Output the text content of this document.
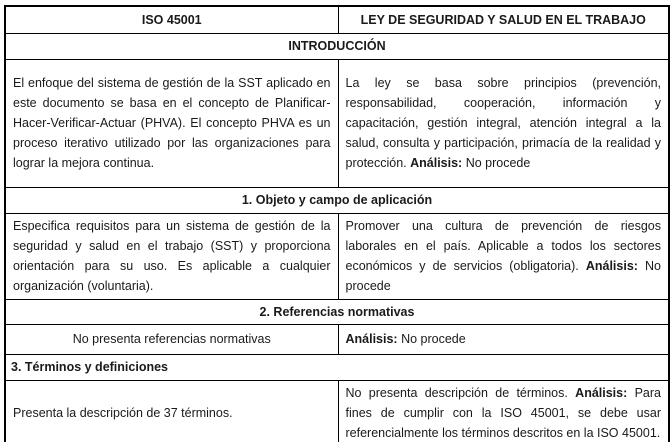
ISO 45001	LEY DE SEGURIDAD Y SALUD EN EL TRABAJO
INTRODUCCIÓN	
El enfoque del sistema de gestión de la SST aplicado en este documento se basa en el concepto de Planificar-Hacer-Verificar-Actuar (PHVA). El concepto PHVA es un proceso iterativo utilizado por las organizaciones para lograr la mejora continua.	La ley se basa sobre principios (prevención, responsabilidad, cooperación, información y capacitación, gestión integral, atención integral a la salud, consulta y participación, primacía de la realidad y protección. Análisis: No procede
1. Objeto y campo de aplicación	
Especifica requisitos para un sistema de gestión de la seguridad y salud en el trabajo (SST) y proporciona orientación para su uso. Es aplicable a cualquier organización (voluntaria).	Promover una cultura de prevención de riesgos laborales en el país. Aplicable a todos los sectores económicos y de servicios (obligatoria). Análisis: No procede
2. Referencias normativas	
No presenta referencias normativas	Análisis: No procede
3. Términos y definiciones	
Presenta la descripción de 37 términos.	No presenta descripción de términos. Análisis: Para fines de cumplir con la ISO 45001, se debe usar referencialmente los términos descritos en la ISO 45001.
